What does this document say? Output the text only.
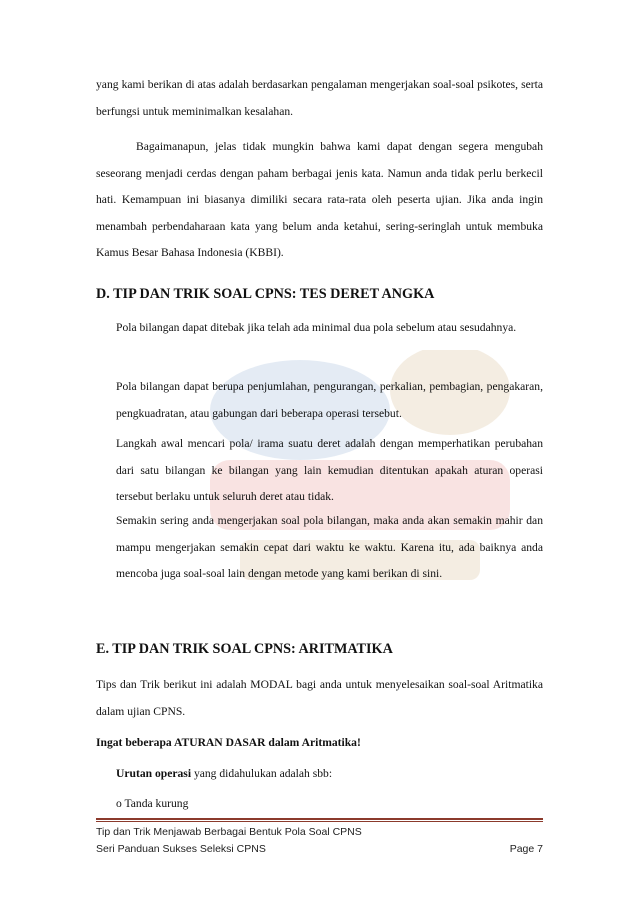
yang kami berikan di atas adalah berdasarkan pengalaman mengerjakan soal-soal psikotes, serta berfungsi untuk meminimalkan kesalahan.

Bagaimanapun, jelas tidak mungkin bahwa kami dapat dengan segera mengubah seseorang menjadi cerdas dengan paham berbagai jenis kata. Namun anda tidak perlu berkecil hati. Kemampuan ini biasanya dimiliki secara rata-rata oleh peserta ujian. Jika anda ingin menambah perbendaharaan kata yang belum anda ketahui, sering-seringlah untuk membuka Kamus Besar Bahasa Indonesia (KBBI).

D. TIP DAN TRIK SOAL CPNS: TES DERET ANGKA
Pola bilangan dapat ditebak jika telah ada minimal dua pola sebelum atau sesudahnya.
Pola bilangan dapat berupa penjumlahan, pengurangan, perkalian, pembagian, pengakaran, pengkuadratan, atau gabungan dari beberapa operasi tersebut.
Langkah awal mencari pola/ irama suatu deret adalah dengan memperhatikan perubahan dari satu bilangan ke bilangan yang lain kemudian ditentukan apakah aturan operasi tersebut berlaku untuk seluruh deret atau tidak.
Semakin sering anda mengerjakan soal pola bilangan, maka anda akan semakin mahir dan mampu mengerjakan semakin cepat dari waktu ke waktu. Karena itu, ada baiknya anda mencoba juga soal-soal lain dengan metode yang kami berikan di sini.
E. TIP DAN TRIK SOAL CPNS: ARITMATIKA
Tips dan Trik berikut ini adalah MODAL bagi anda untuk menyelesaikan soal-soal Aritmatika dalam ujian CPNS.
Ingat beberapa ATURAN DASAR dalam Aritmatika!
Urutan operasi yang didahulukan adalah sbb:
o Tanda kurung
Tip dan Trik Menjawab Berbagai Bentuk Pola Soal CPNS
Seri Panduan Sukses Seleksi CPNS	Page 7
